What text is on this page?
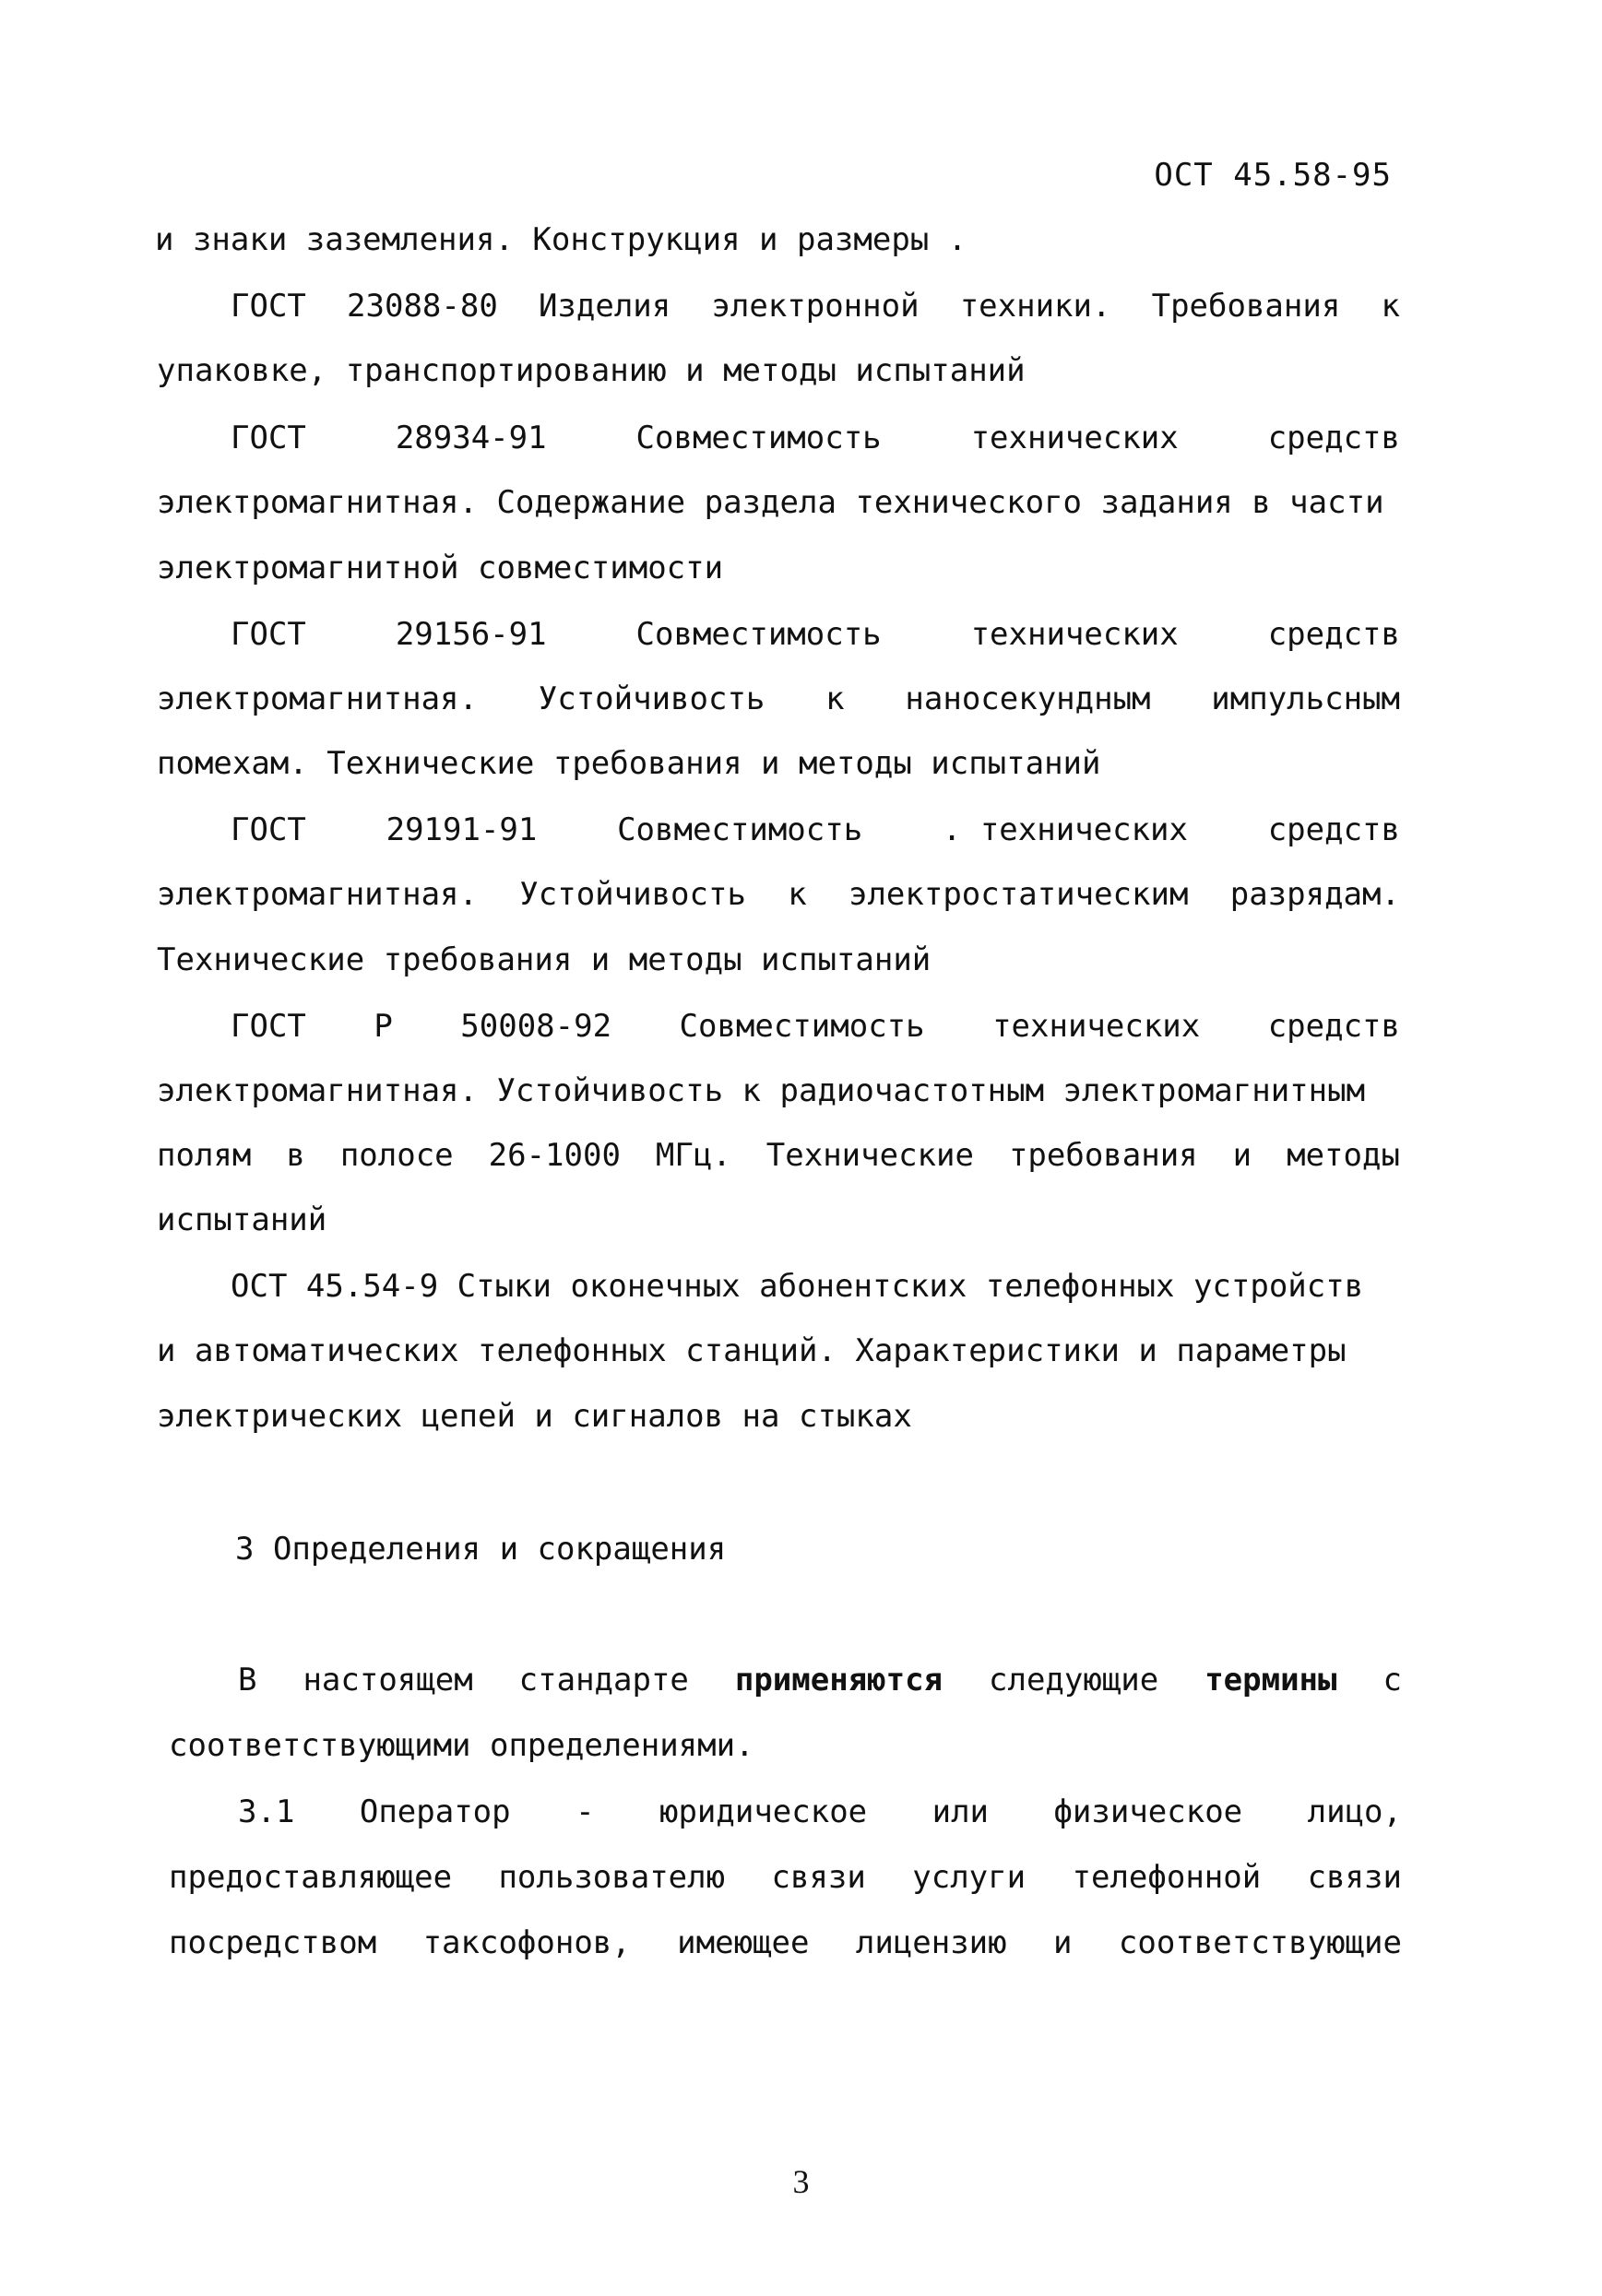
ОСТ 45.58-95
и знаки заземления. Конструкция и размеры .
ГОСТ 23088-80 Изделия электронной техники. Требования к
упаковке, транспортированию и методы испытаний
ГОСТ	28934-91	Совместимость	технических	средств
электромагнитная. Содержание раздела технического задания в части
электромагнитной совместимости
ГОСТ	29156-91	Совместимость	технических	средств
электромагнитная. Устойчивость к наносекундным импульсным
помехам. Технические требования и методы испытаний
ГОСТ	29191-91	Совместимость	. технических	средств
электромагнитная. Устойчивость к электростатическим разрядам.
Технические требования и методы испытаний
ГОСТ Р 50008-92 Совместимость технических средств
электромагнитная. Устойчивость к радиочастотным электромагнитным
полям в полосе 26-1000 МГц. Технические требования и методы
испытаний
ОСТ 45.54-9 Стыки оконечных абонентских телефонных устройств
и автоматических телефонных станций. Характеристики и параметры
электрических цепей и сигналов на стыках
3 Определения и сокращения
В настоящем стандарте применяются следующие термины с
соответствующими определениями.
3.1 Оператор - юридическое или физическое лицо,
предоставляющее пользователю связи услуги телефонной связи
посредством таксофонов, имеющее лицензию и соответствующие
3
